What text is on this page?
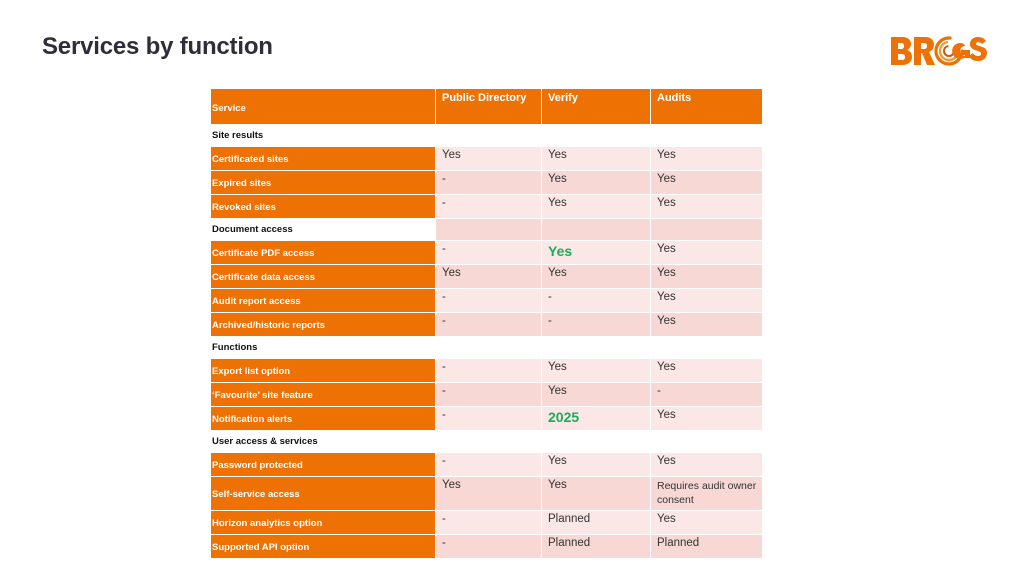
Services by function
Service	Public Directory	Verify	Audits
Site results			
Certificated sites	Yes	Yes	Yes
Expired sites	-	Yes	Yes
Revoked sites	-	Yes	Yes
Document access			
Certificate PDF access	-	Yes	Yes
Certificate data access	Yes	Yes	Yes
Audit report access	-	-	Yes
Archived/historic reports	-	-	Yes
Functions			
Export list option	-	Yes	Yes
‘Favourite’ site feature	-	Yes	-
Notification alerts	-	2025	Yes
User access & services			
Password protected	-	Yes	Yes
Self-service access	Yes	Yes	Requires audit owner consent

Horizon analytics option	-	Planned	Yes
Supported API option	-	Planned	Planned
